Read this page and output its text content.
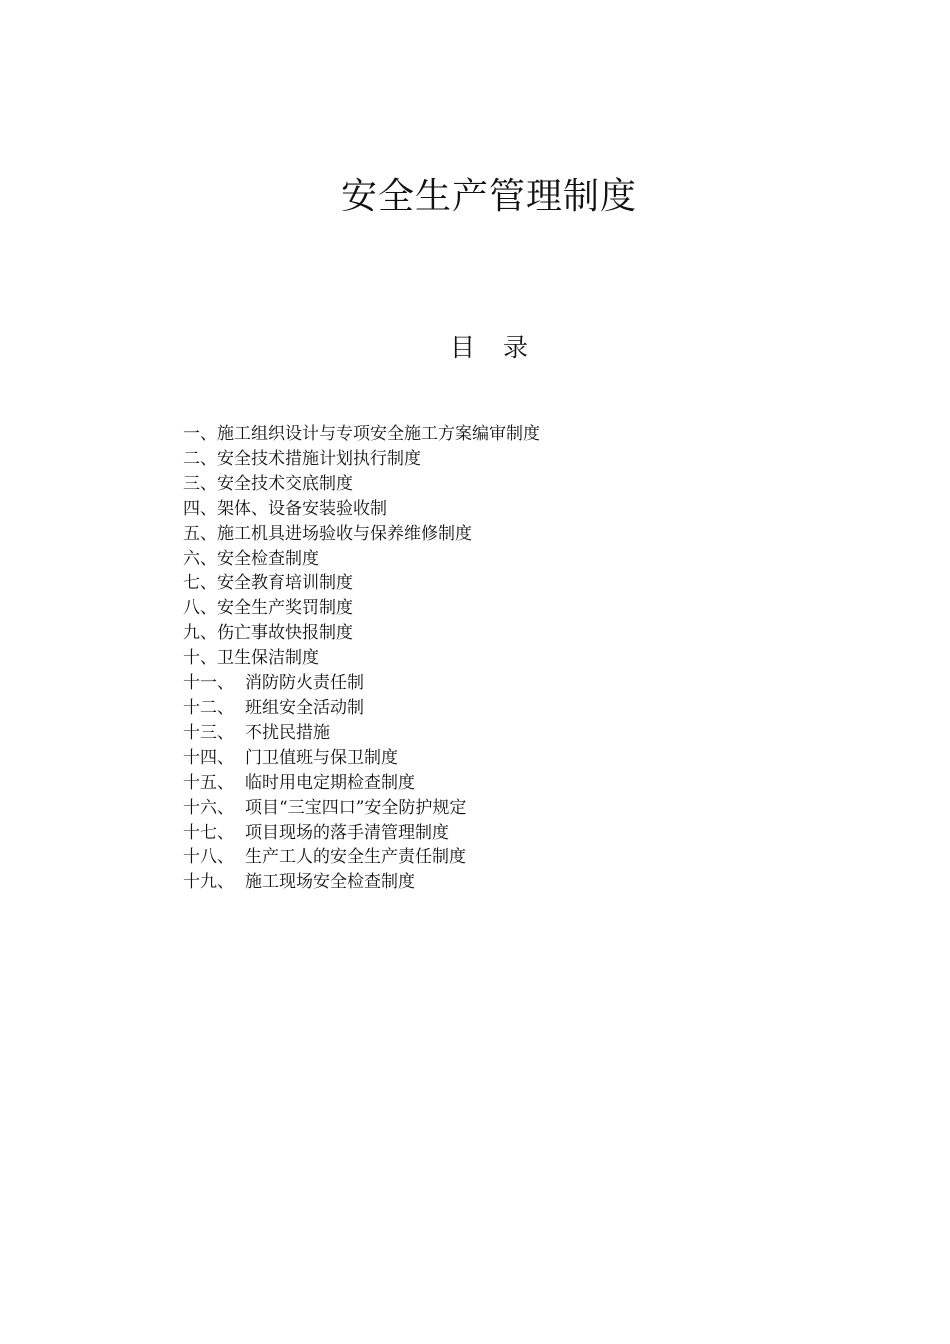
安全生产管理制度
目 录
一、 施工组织设计与专项安全施工方案编审制度
二、 安全技术措施计划执行制度
三、 安全技术交底制度
四、 架体、设备安装验收制
五、 施工机具进场验收与保养维修制度
六、 安全检查制度
七、 安全教育培训制度
八、 安全生产奖罚制度
九、 伤亡事故快报制度
十、 卫生保洁制度
十一、 消防防火责任制
十二、 班组安全活动制
十三、 不扰民措施
十四、 门卫值班与保卫制度
十五、 临时用电定期检查制度
十六、 项目“三宝四口”安全防护规定
十七、 项目现场的落手清管理制度
十八、 生产工人的安全生产责任制度
十九、 施工现场安全检查制度
